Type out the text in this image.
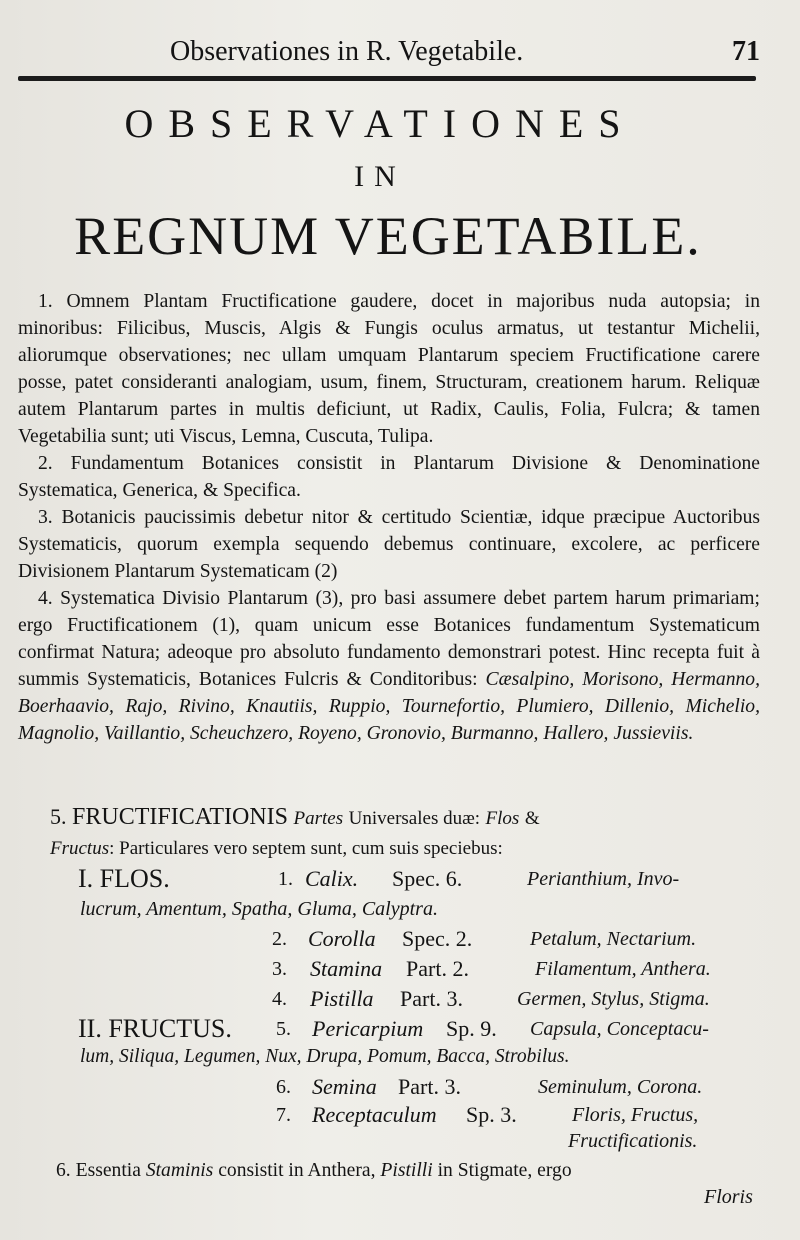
Observationes in R. Vegetabile.	71
OBSERVATIONES
IN
REGNUM VEGETABILE.

1. Omnem Plantam Fructificatione gaudere, docet in majoribus nuda autopsia; in minoribus: Filicibus, Muscis, Algis & Fungis oculus armatus, ut testantur Michelii, aliorumque observationes; nec ullam umquam Plantarum speciem Fructificatione carere posse, patet consideranti analogiam, usum, finem, Structuram, creationem harum. Reliquæ autem Plantarum partes in multis deficiunt, ut Radix, Caulis, Folia, Fulcra; & tamen Vegetabilia sunt; uti Viscus, Lemna, Cuscuta, Tulipa.

2. Fundamentum Botanices consistit in Plantarum Divisione & Denominatione Systematica, Generica, & Specifica.

3. Botanicis paucissimis debetur nitor & certitudo Scientiæ, idque præcipue Auctoribus Systematicis, quorum exempla sequendo debemus continuare, excolere, ac perficere Divisionem Plantarum Systematicam (2)

4. Systematica Divisio Plantarum (3), pro basi assumere debet partem harum primariam; ergo Fructificationem (1), quam unicum esse Botanices fundamentum Systematicum confirmat Natura; adeoque pro absoluto fundamento demonstrari potest. Hinc recepta fuit à summis Systematicis, Botanices Fulcris & Conditoribus: Cæsalpino, Morisono, Hermanno, Boerhaavio, Rajo, Rivino, Knautiis, Ruppio, Tournefortio, Plumiero, Dillenio, Michelio, Magnolio, Vaillantio, Scheuchzero, Royeno, Gronovio, Burmanno, Hallero, Jussieviis.

5. FRUCTIFICATIONIS Partes Universales duæ: Flos &
Fructus: Particulares vero septem sunt, cum suis speciebus:
I. FLOS.	1. Calix. Spec. 6.	Perianthium, Invo-
lucrum, Amentum, Spatha, Gluma, Calyptra.
2. Corolla Spec. 2.	Petalum, Nectarium.
3. Stamina Part. 2.	Filamentum, Anthera.
4. Pistilla Part. 3.	Germen, Stylus, Stigma.
II. FRUCTUS. 5. Pericarpium Sp. 9. Capsula, Conceptacu-
lum, Siliqua, Legumen, Nux, Drupa, Pomum, Bacca, Strobilus.
6. Semina Part. 3.	Seminulum, Corona.
7. Receptaculum Sp. 3.	Floris, Fructus,
Fructificationis.
6. Essentia Staminis consistit in Anthera, Pistilli in Stigmate, ergo
Floris
